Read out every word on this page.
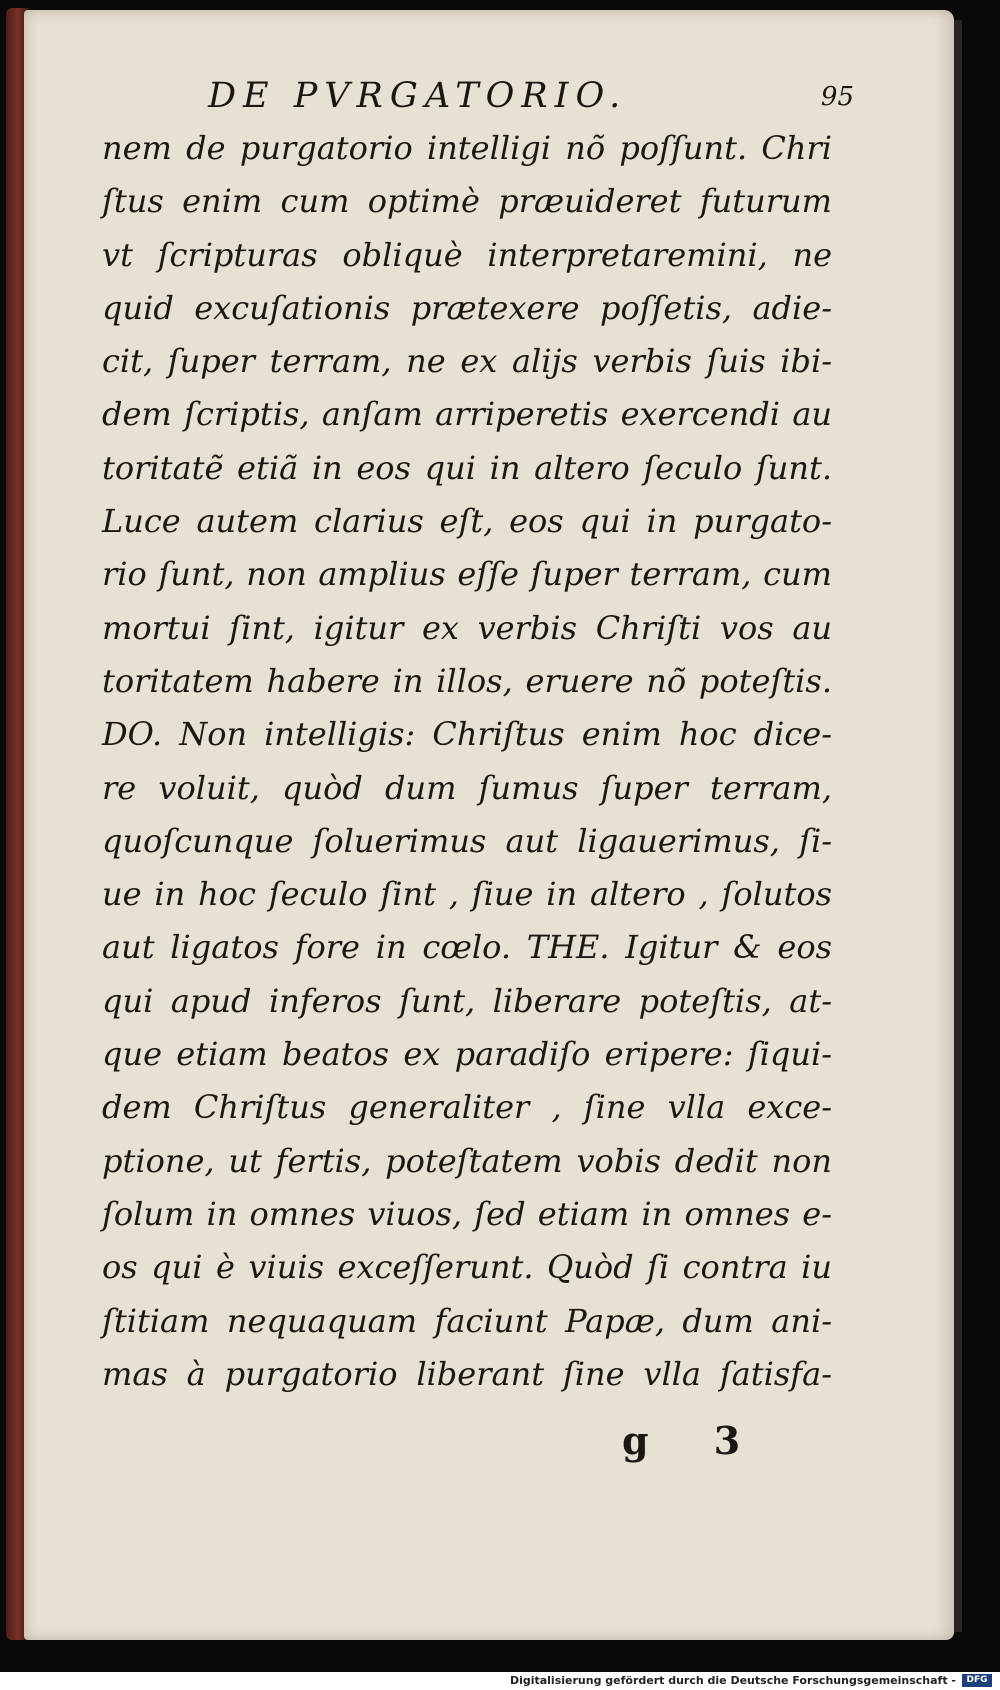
DE PVRGATORIO.	95
nem de purgatorio intelligi nõ poſſunt. Chri
ſtus enim cum optimè præuideret futurum
vt ſcripturas obliquè interpretaremini, ne
quid excuſationis prætexere poſſetis, adie-
cit, ſuper terram, ne ex alijs verbis ſuis ibi-
dem ſcriptis, anſam arriperetis exercendi au
toritatẽ etiã in eos qui in altero ſeculo ſunt.
Luce autem clarius eſt, eos qui in purgato-
rio ſunt, non amplius eſſe ſuper terram, cum
mortui ſint, igitur ex verbis Chriſti vos au
toritatem habere in illos, eruere nõ poteſtis.
DO. Non intelligis: Chriſtus enim hoc dice-
re voluit, quòd dum ſumus ſuper terram,
quoſcunque ſoluerimus aut ligauerimus, ſi-
ue in hoc ſeculo ſint , ſiue in altero , ſolutos
aut ligatos fore in cœlo. THE. Igitur & eos
qui apud inferos ſunt, liberare poteſtis, at-
que etiam beatos ex paradiſo eripere: ſiqui-
dem Chriſtus generaliter , ſine vlla exce-
ptione, ut fertis, poteſtatem vobis dedit non
ſolum in omnes viuos, ſed etiam in omnes e-
os qui è viuis exceſſerunt. Quòd ſi contra iu
ſtitiam nequaquam faciunt Papæ, dum ani-
mas à purgatorio liberant ſine vlla ſatisfa-
g 3
Digitalisierung gefördert durch die Deutsche Forschungsgemeinschaft -	DFG
